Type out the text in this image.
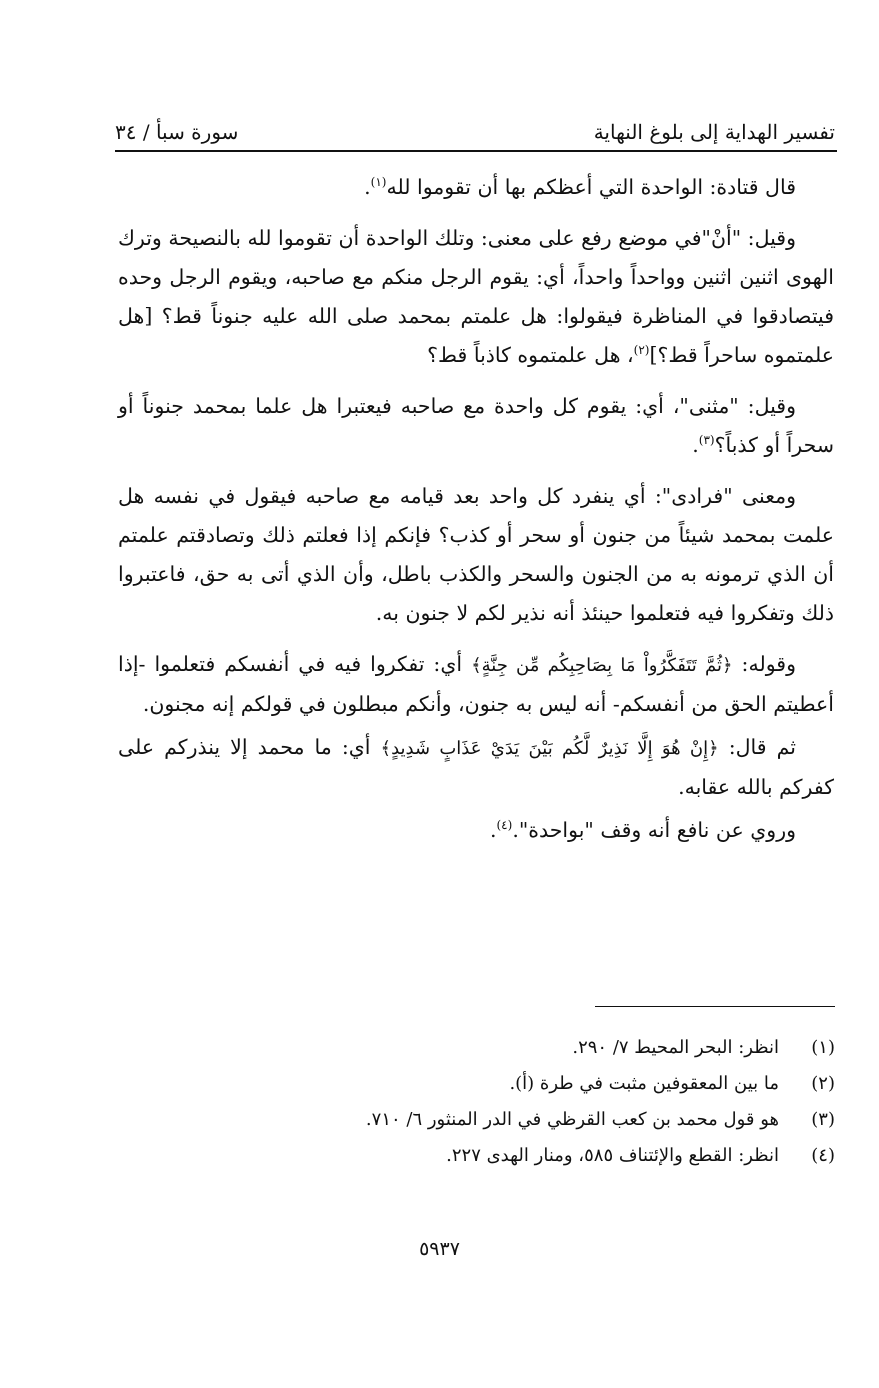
تفسير الهداية إلى بلوغ النهاية
سورة سبأ / ٣٤

قال قتادة: الواحدة التي أعظكم بها أن تقوموا لله$^{(١)}$.

وقيل: "أنْ"في موضع رفع على معنى: وتلك الواحدة أن تقوموا لله بالنصيحة وترك الهوى اثنين اثنين وواحداً واحداً، أي: يقوم الرجل منكم مع صاحبه، ويقوم الرجل وحده فيتصادقوا في المناظرة فيقولوا: هل علمتم بمحمد صلى الله عليه جنوناً قط؟ [هل علمتموه ساحراً قط؟]$^{(٢)}$، هل علمتموه كاذباً قط؟

وقيل: "مثنى"، أي: يقوم كل واحدة مع صاحبه فيعتبرا هل علما بمحمد جنوناً أو سحراً أو كذباً؟$^{(٣)}$.

ومعنى "فرادى": أي ينفرد كل واحد بعد قيامه مع صاحبه فيقول في نفسه هل علمت بمحمد شيئاً من جنون أو سحر أو كذب؟ فإنكم إذا فعلتم ذلك وتصادقتم علمتم أن الذي ترمونه به من الجنون والسحر والكذب باطل، وأن الذي أتى به حق، فاعتبروا ذلك وتفكروا فيه فتعلموا حينئذ أنه نذير لكم لا جنون به.

وقوله: ﴿ثُمَّ تَتَفَكَّرُواْ مَا بِصَاحِبِكُم مِّن جِنَّةٍ﴾ أي: تفكروا فيه في أنفسكم فتعلموا -إذا أعطيتم الحق من أنفسكم- أنه ليس به جنون، وأنكم مبطلون في قولكم إنه مجنون.

ثم قال: ﴿إِنْ هُوَ إِلَّا نَذِيرٌ لَّكُم بَيْنَ يَدَيْ عَذَابٍ شَدِيدٍ﴾ أي: ما محمد إلا ينذركم على كفركم بالله عقابه.

وروي عن نافع أنه وقف "بواحدة".$^{(٤)}$.

(١)
انظر: البحر المحيط ٧/ ٢٩٠.
(٢)
ما بين المعقوفين مثبت في طرة (أ).
(٣)
هو قول محمد بن كعب القرظي في الدر المنثور ٦/ ٧١٠.
(٤)
انظر: القطع والإئتناف ٥٨٥، ومنار الهدى ٢٢٧.
٥٩٣٧
